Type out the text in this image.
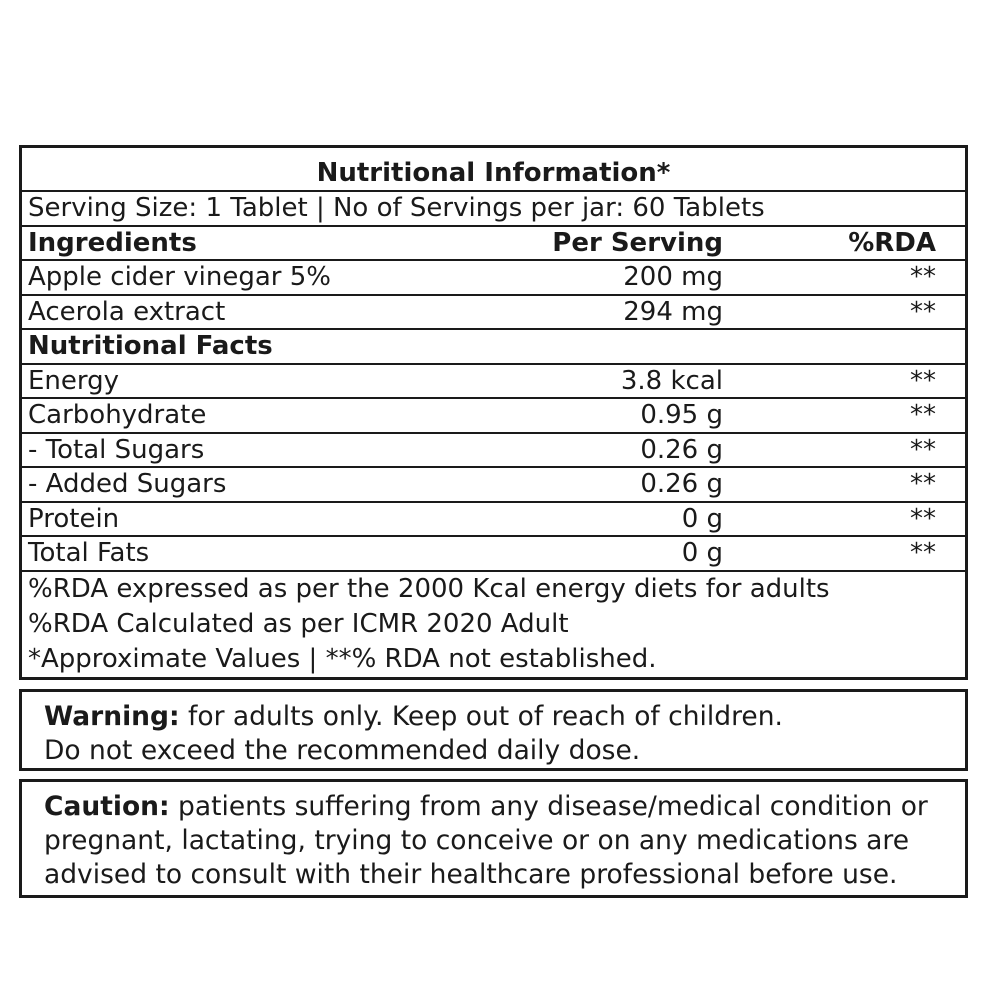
Nutritional Information*
Serving Size: 1 Tablet | No of Servings per jar: 60 Tablets
Ingredients	Per Serving	%RDA
Apple cider vinegar 5%	200 mg	**
Acerola extract	294 mg	**
Nutritional Facts
Energy	3.8 kcal	**
Carbohydrate	0.95 g	**
- Total Sugars	0.26 g	**
- Added Sugars	0.26 g	**
Protein	0 g	**
Total Fats	0 g	**
%RDA expressed as per the 2000 Kcal energy diets for adults
%RDA Calculated as per ICMR 2020 Adult
*Approximate Values | **% RDA not established.
Warning: for adults only. Keep out of reach of children.
Do not exceed the recommended daily dose.
Caution: patients suffering from any disease/medical condition or
pregnant, lactating, trying to conceive or on any medications are
advised to consult with their healthcare professional before use.
